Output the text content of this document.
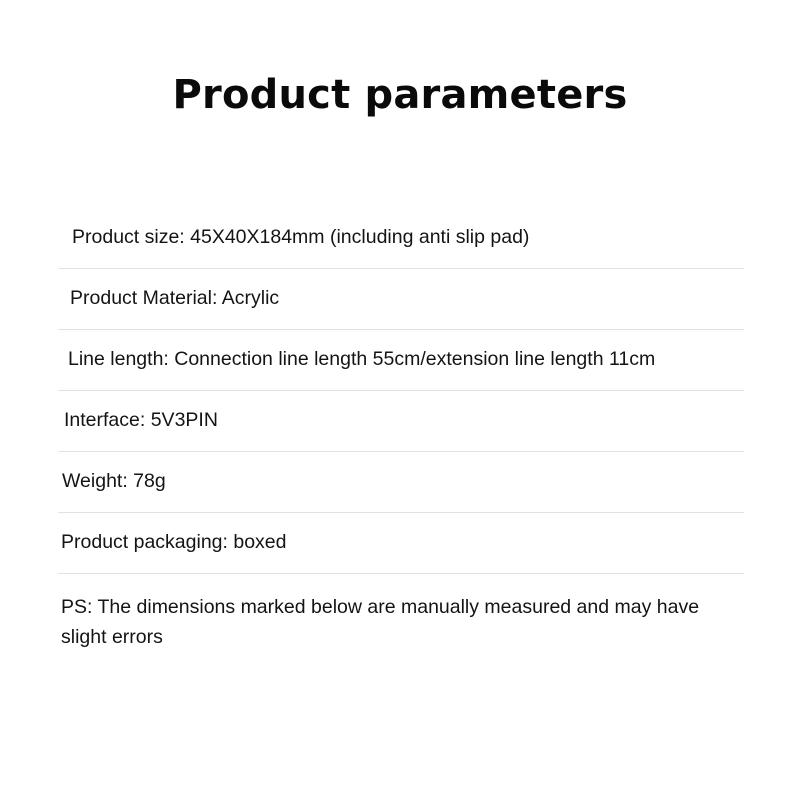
Product parameters
Product size: 45X40X184mm (including anti slip pad)
Product Material: Acrylic
Line length: Connection line length 55cm/extension line length 11cm
Interface: 5V3PIN
Weight: 78g
Product packaging: boxed
PS: The dimensions marked below are manually measured and may have slight errors
